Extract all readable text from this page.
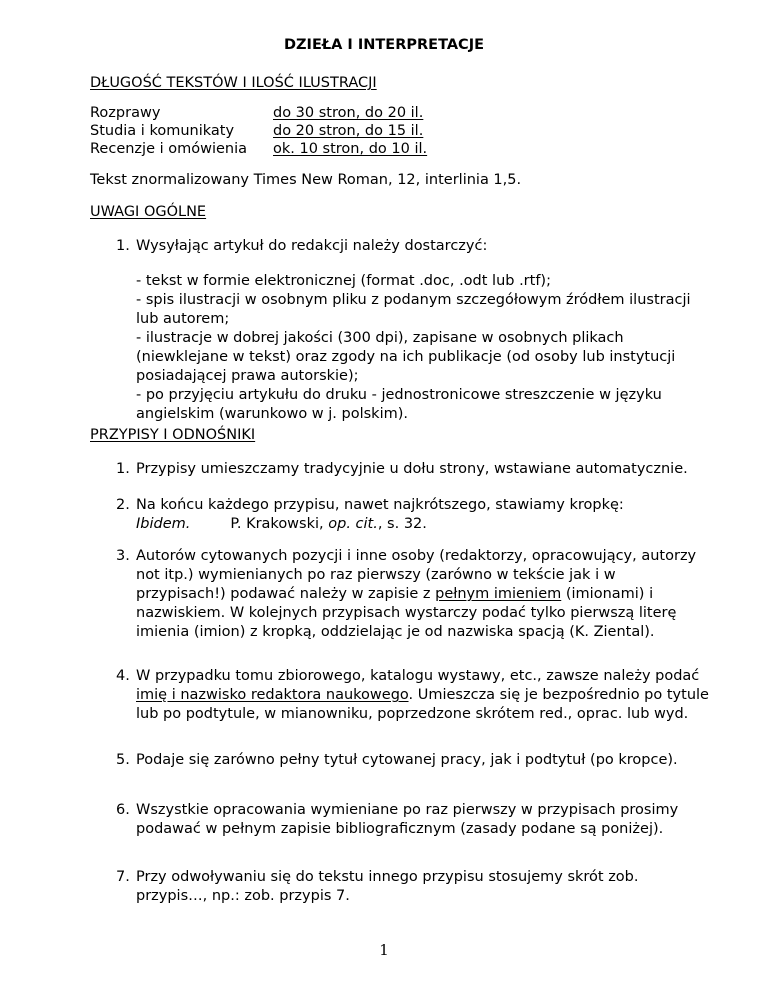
DZIEŁA I INTERPRETACJE
DŁUGOŚĆ TEKSTÓW I ILOŚĆ ILUSTRACJI
Rozprawy	do 30 stron, do 20 il.
Studia i komunikaty	do 20 stron, do 15 il.
Recenzje i omówienia ok. 10 stron, do 10 il.
Tekst znormalizowany Times New Roman, 12, interlinia 1,5.
UWAGI OGÓLNE
1. Wysyłając artykuł do redakcji należy dostarczyć:
- tekst w formie elektronicznej (format .doc, .odt lub .rtf);
- spis ilustracji w osobnym pliku z podanym szczegółowym źródłem ilustracji
lub autorem;
- ilustracje w dobrej jakości (300 dpi), zapisane w osobnych plikach
(niewklejane w tekst) oraz zgody na ich publikacje (od osoby lub instytucji
posiadającej prawa autorskie);
- po przyjęciu artykułu do druku - jednostronicowe streszczenie w języku
angielskim (warunkowo w j. polskim).
PRZYPISY I ODNOŚNIKI
1. Przypisy umieszczamy tradycyjnie u dołu strony, wstawiane automatycznie.
2. Na końcu każdego przypisu, nawet najkrótszego, stawiamy kropkę:
Ibidem.	P. Krakowski, op. cit., s. 32.
3. Autorów cytowanych pozycji i inne osoby (redaktorzy, opracowujący, autorzy
not itp.) wymienianych po raz pierwszy (zarówno w tekście jak i w
przypisach!) podawać należy w zapisie z pełnym imieniem (imionami) i
nazwiskiem. W kolejnych przypisach wystarczy podać tylko pierwszą literę
imienia (imion) z kropką, oddzielając je od nazwiska spacją (K. Ziental).
4. W przypadku tomu zbiorowego, katalogu wystawy, etc., zawsze należy podać
imię i nazwisko redaktora naukowego. Umieszcza się je bezpośrednio po tytule
lub po podtytule, w mianowniku, poprzedzone skrótem red., oprac. lub wyd.
5. Podaje się zarówno pełny tytuł cytowanej pracy, jak i podtytuł (po kropce).
6. Wszystkie opracowania wymieniane po raz pierwszy w przypisach prosimy
podawać w pełnym zapisie bibliograficznym (zasady podane są poniżej).
7. Przy odwoływaniu się do tekstu innego przypisu stosujemy skrót zob.
przypis…, np.: zob. przypis 7.
1
